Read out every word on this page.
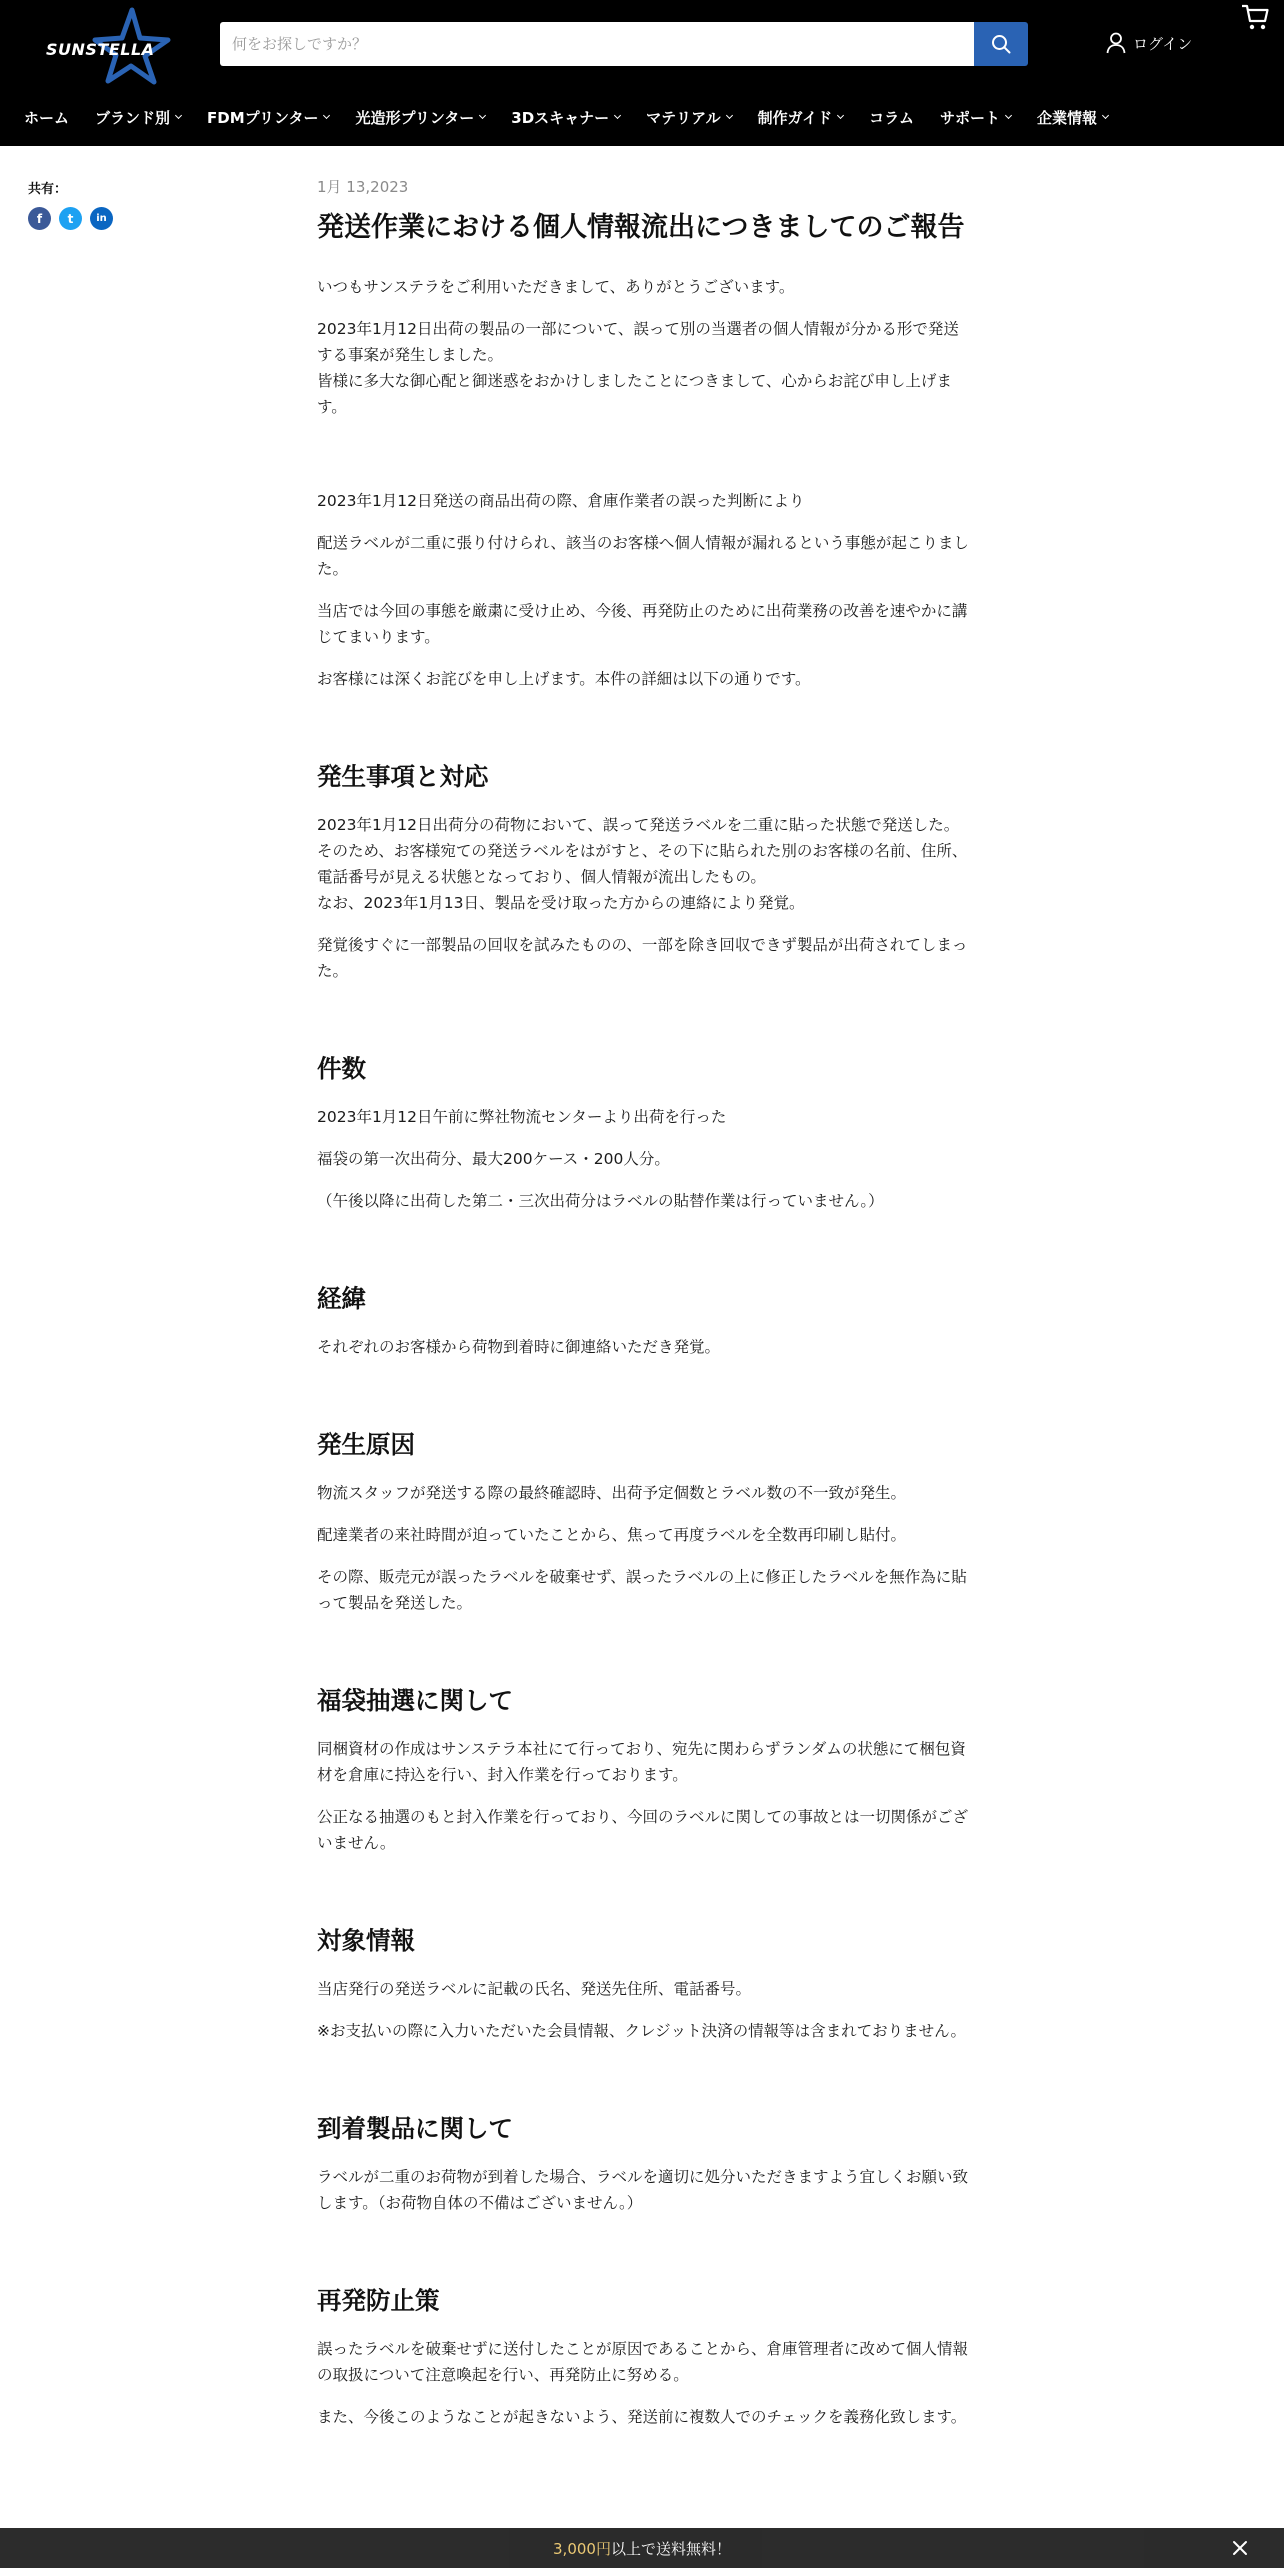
SUNSTELLA
何をお探しですか？	ログイン
ホーム ブランド別 FDMプリンター 光造形プリンター 3Dスキャナー マテリアル 制作ガイド コラム サポート 企業情報
共有：
f	t	in
1月 13,2023
発送作業における個人情報流出につきましてのご報告

いつもサンステラをご利用いただきまして、ありがとうございます。

2023年1月12日出荷の製品の一部について、誤って別の当選者の個人情報が分かる形で発送する事案が発生しました。
皆様に多大な御心配と御迷惑をおかけしましたことにつきまして、心からお詫び申し上げます。

2023年1月12日発送の商品出荷の際、倉庫作業者の誤った判断により

配送ラベルが二重に張り付けられ、該当のお客様へ個人情報が漏れるという事態が起こりました。

当店では今回の事態を厳粛に受け止め、今後、再発防止のために出荷業務の改善を速やかに講じてまいります。

お客様には深くお詫びを申し上げます。本件の詳細は以下の通りです。

発生事項と対応

2023年1月12日出荷分の荷物において、誤って発送ラベルを二重に貼った状態で発送した。そのため、お客様宛ての発送ラベルをはがすと、その下に貼られた別のお客様の名前、住所、電話番号が見える状態となっており、個人情報が流出したもの。
なお、2023年1月13日、製品を受け取った方からの連絡により発覚。

発覚後すぐに一部製品の回収を試みたものの、一部を除き回収できず製品が出荷されてしまった。

件数

2023年1月12日午前に弊社物流センターより出荷を行った

福袋の第一次出荷分、最大200ケース・200人分。

（午後以降に出荷した第二・三次出荷分はラベルの貼替作業は行っていません。）

経緯

それぞれのお客様から荷物到着時に御連絡いただき発覚。

発生原因

物流スタッフが発送する際の最終確認時、出荷予定個数とラベル数の不一致が発生。

配達業者の来社時間が迫っていたことから、焦って再度ラベルを全数再印刷し貼付。

その際、販売元が誤ったラベルを破棄せず、誤ったラベルの上に修正したラベルを無作為に貼って製品を発送した。

福袋抽選に関して

同梱資材の作成はサンステラ本社にて行っており、宛先に関わらずランダムの状態にて梱包資材を倉庫に持込を行い、封入作業を行っております。

公正なる抽選のもと封入作業を行っており、今回のラベルに関しての事故とは一切関係がございません。

対象情報

当店発行の発送ラベルに記載の氏名、発送先住所、電話番号。

※お支払いの際に入力いただいた会員情報、クレジット決済の情報等は含まれておりません。

到着製品に関して

ラベルが二重のお荷物が到着した場合、ラベルを適切に処分いただきますよう宜しくお願い致します。（お荷物自体の不備はございません。）

再発防止策

誤ったラベルを破棄せずに送付したことが原因であることから、倉庫管理者に改めて個人情報の取扱について注意喚起を行い、再発防止に努める。

また、今後このようなことが起きないよう、発送前に複数人でのチェックを義務化致します。

3,000円 以上で送料無料！
